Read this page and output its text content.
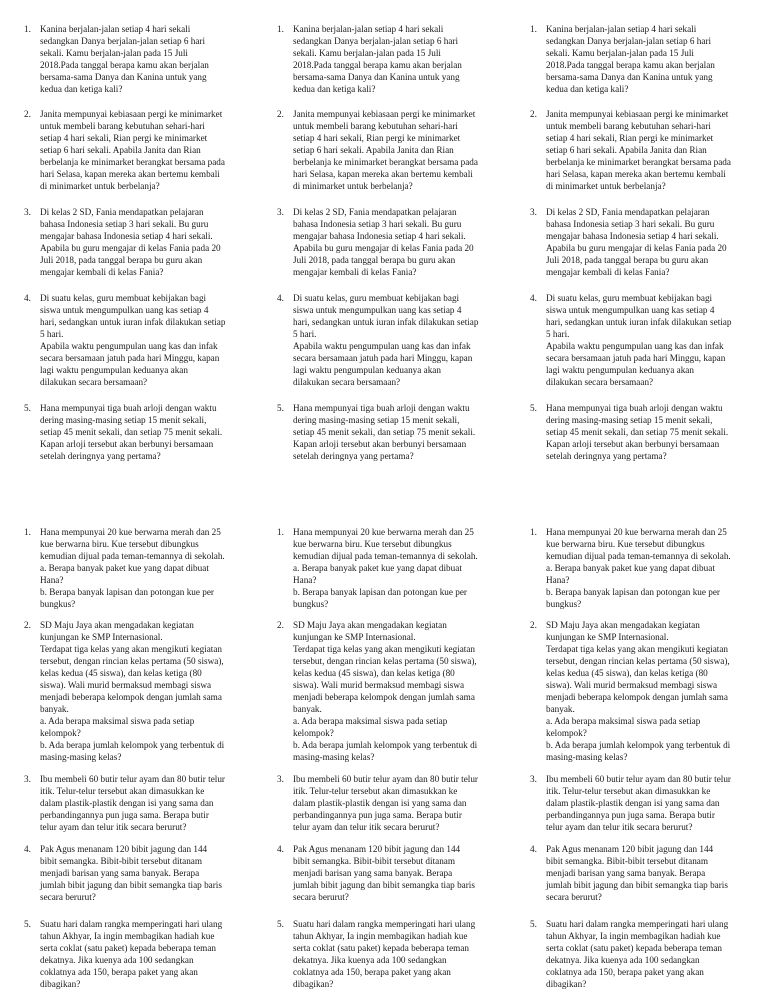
1. Kanina berjalan-jalan setiap 4 hari sekali
sedangkan Danya berjalan-jalan setiap 6 hari
sekali. Kamu berjalan-jalan pada 15 Juli
2018.Pada tanggal berapa kamu akan berjalan
bersama-sama Danya dan Kanina untuk yang
kedua dan ketiga kali?
2. Janita mempunyai kebiasaan pergi ke minimarket
untuk membeli barang kebutuhan sehari-hari
setiap 4 hari sekali, Rian pergi ke minimarket
setiap 6 hari sekali. Apabila Janita dan Rian
berbelanja ke minimarket berangkat bersama pada
hari Selasa, kapan mereka akan bertemu kembali
di minimarket untuk berbelanja?
3. Di kelas 2 SD, Fania mendapatkan pelajaran
bahasa Indonesia setiap 3 hari sekali. Bu guru
mengajar bahasa Indonesia setiap 4 hari sekali.
Apabila bu guru mengajar di kelas Fania pada 20
Juli 2018, pada tanggal berapa bu guru akan
mengajar kembali di kelas Fania?
4. Di suatu kelas, guru membuat kebijakan bagi
siswa untuk mengumpulkan uang kas setiap 4
hari, sedangkan untuk iuran infak dilakukan setiap
5 hari.
Apabila waktu pengumpulan uang kas dan infak
secara bersamaan jatuh pada hari Minggu, kapan
lagi waktu pengumpulan keduanya akan
dilakukan secara bersamaan?
5. Hana mempunyai tiga buah arloji dengan waktu
dering masing-masing setiap 15 menit sekali,
setiap 45 menit sekali, dan setiap 75 menit sekali.
Kapan arloji tersebut akan berbunyi bersamaan
setelah deringnya yang pertama?
1. Kanina berjalan-jalan setiap 4 hari sekali
sedangkan Danya berjalan-jalan setiap 6 hari
sekali. Kamu berjalan-jalan pada 15 Juli
2018.Pada tanggal berapa kamu akan berjalan
bersama-sama Danya dan Kanina untuk yang
kedua dan ketiga kali?
2. Janita mempunyai kebiasaan pergi ke minimarket
untuk membeli barang kebutuhan sehari-hari
setiap 4 hari sekali, Rian pergi ke minimarket
setiap 6 hari sekali. Apabila Janita dan Rian
berbelanja ke minimarket berangkat bersama pada
hari Selasa, kapan mereka akan bertemu kembali
di minimarket untuk berbelanja?
3. Di kelas 2 SD, Fania mendapatkan pelajaran
bahasa Indonesia setiap 3 hari sekali. Bu guru
mengajar bahasa Indonesia setiap 4 hari sekali.
Apabila bu guru mengajar di kelas Fania pada 20
Juli 2018, pada tanggal berapa bu guru akan
mengajar kembali di kelas Fania?
4. Di suatu kelas, guru membuat kebijakan bagi
siswa untuk mengumpulkan uang kas setiap 4
hari, sedangkan untuk iuran infak dilakukan setiap
5 hari.
Apabila waktu pengumpulan uang kas dan infak
secara bersamaan jatuh pada hari Minggu, kapan
lagi waktu pengumpulan keduanya akan
dilakukan secara bersamaan?
5. Hana mempunyai tiga buah arloji dengan waktu
dering masing-masing setiap 15 menit sekali,
setiap 45 menit sekali, dan setiap 75 menit sekali.
Kapan arloji tersebut akan berbunyi bersamaan
setelah deringnya yang pertama?
1. Kanina berjalan-jalan setiap 4 hari sekali
sedangkan Danya berjalan-jalan setiap 6 hari
sekali. Kamu berjalan-jalan pada 15 Juli
2018.Pada tanggal berapa kamu akan berjalan
bersama-sama Danya dan Kanina untuk yang
kedua dan ketiga kali?
2. Janita mempunyai kebiasaan pergi ke minimarket
untuk membeli barang kebutuhan sehari-hari
setiap 4 hari sekali, Rian pergi ke minimarket
setiap 6 hari sekali. Apabila Janita dan Rian
berbelanja ke minimarket berangkat bersama pada
hari Selasa, kapan mereka akan bertemu kembali
di minimarket untuk berbelanja?
3. Di kelas 2 SD, Fania mendapatkan pelajaran
bahasa Indonesia setiap 3 hari sekali. Bu guru
mengajar bahasa Indonesia setiap 4 hari sekali.
Apabila bu guru mengajar di kelas Fania pada 20
Juli 2018, pada tanggal berapa bu guru akan
mengajar kembali di kelas Fania?
4. Di suatu kelas, guru membuat kebijakan bagi
siswa untuk mengumpulkan uang kas setiap 4
hari, sedangkan untuk iuran infak dilakukan setiap
5 hari.
Apabila waktu pengumpulan uang kas dan infak
secara bersamaan jatuh pada hari Minggu, kapan
lagi waktu pengumpulan keduanya akan
dilakukan secara bersamaan?
5. Hana mempunyai tiga buah arloji dengan waktu
dering masing-masing setiap 15 menit sekali,
setiap 45 menit sekali, dan setiap 75 menit sekali.
Kapan arloji tersebut akan berbunyi bersamaan
setelah deringnya yang pertama?
1. Hana mempunyai 20 kue berwarna merah dan 25
kue berwarna biru. Kue tersebut dibungkus
kemudian dijual pada teman-temannya di sekolah.
a. Berapa banyak paket kue yang dapat dibuat
Hana?
b. Berapa banyak lapisan dan potongan kue per
bungkus?
2. SD Maju Jaya akan mengadakan kegiatan
kunjungan ke SMP Internasional.
Terdapat tiga kelas yang akan mengikuti kegiatan
tersebut, dengan rincian kelas pertama (50 siswa),
kelas kedua (45 siswa), dan kelas ketiga (80
siswa). Wali murid bermaksud membagi siswa
menjadi beberapa kelompok dengan jumlah sama
banyak.
a. Ada berapa maksimal siswa pada setiap
kelompok?
b. Ada berapa jumlah kelompok yang terbentuk di
masing-masing kelas?
3. Ibu membeli 60 butir telur ayam dan 80 butir telur
itik. Telur-telur tersebut akan dimasukkan ke
dalam plastik-plastik dengan isi yang sama dan
perbandingannya pun juga sama. Berapa butir
telur ayam dan telur itik secara berurut?
4. Pak Agus menanam 120 bibit jagung dan 144
bibit semangka. Bibit-bibit tersebut ditanam
menjadi barisan yang sama banyak. Berapa
jumlah bibit jagung dan bibit semangka tiap baris
secara berurut?
5. Suatu hari dalam rangka memperingati hari ulang
tahun Akhyar, Ia ingin membagikan hadiah kue
serta coklat (satu paket) kepada beberapa teman
dekatnya. Jika kuenya ada 100 sedangkan
coklatnya ada 150, berapa paket yang akan
dibagikan?
1. Hana mempunyai 20 kue berwarna merah dan 25
kue berwarna biru. Kue tersebut dibungkus
kemudian dijual pada teman-temannya di sekolah.
a. Berapa banyak paket kue yang dapat dibuat
Hana?
b. Berapa banyak lapisan dan potongan kue per
bungkus?
2. SD Maju Jaya akan mengadakan kegiatan
kunjungan ke SMP Internasional.
Terdapat tiga kelas yang akan mengikuti kegiatan
tersebut, dengan rincian kelas pertama (50 siswa),
kelas kedua (45 siswa), dan kelas ketiga (80
siswa). Wali murid bermaksud membagi siswa
menjadi beberapa kelompok dengan jumlah sama
banyak.
a. Ada berapa maksimal siswa pada setiap
kelompok?
b. Ada berapa jumlah kelompok yang terbentuk di
masing-masing kelas?
3. Ibu membeli 60 butir telur ayam dan 80 butir telur
itik. Telur-telur tersebut akan dimasukkan ke
dalam plastik-plastik dengan isi yang sama dan
perbandingannya pun juga sama. Berapa butir
telur ayam dan telur itik secara berurut?
4. Pak Agus menanam 120 bibit jagung dan 144
bibit semangka. Bibit-bibit tersebut ditanam
menjadi barisan yang sama banyak. Berapa
jumlah bibit jagung dan bibit semangka tiap baris
secara berurut?
5. Suatu hari dalam rangka memperingati hari ulang
tahun Akhyar, Ia ingin membagikan hadiah kue
serta coklat (satu paket) kepada beberapa teman
dekatnya. Jika kuenya ada 100 sedangkan
coklatnya ada 150, berapa paket yang akan
dibagikan?
1. Hana mempunyai 20 kue berwarna merah dan 25
kue berwarna biru. Kue tersebut dibungkus
kemudian dijual pada teman-temannya di sekolah.
a. Berapa banyak paket kue yang dapat dibuat
Hana?
b. Berapa banyak lapisan dan potongan kue per
bungkus?
2. SD Maju Jaya akan mengadakan kegiatan
kunjungan ke SMP Internasional.
Terdapat tiga kelas yang akan mengikuti kegiatan
tersebut, dengan rincian kelas pertama (50 siswa),
kelas kedua (45 siswa), dan kelas ketiga (80
siswa). Wali murid bermaksud membagi siswa
menjadi beberapa kelompok dengan jumlah sama
banyak.
a. Ada berapa maksimal siswa pada setiap
kelompok?
b. Ada berapa jumlah kelompok yang terbentuk di
masing-masing kelas?
3. Ibu membeli 60 butir telur ayam dan 80 butir telur
itik. Telur-telur tersebut akan dimasukkan ke
dalam plastik-plastik dengan isi yang sama dan
perbandingannya pun juga sama. Berapa butir
telur ayam dan telur itik secara berurut?
4. Pak Agus menanam 120 bibit jagung dan 144
bibit semangka. Bibit-bibit tersebut ditanam
menjadi barisan yang sama banyak. Berapa
jumlah bibit jagung dan bibit semangka tiap baris
secara berurut?
5. Suatu hari dalam rangka memperingati hari ulang
tahun Akhyar, Ia ingin membagikan hadiah kue
serta coklat (satu paket) kepada beberapa teman
dekatnya. Jika kuenya ada 100 sedangkan
coklatnya ada 150, berapa paket yang akan
dibagikan?
